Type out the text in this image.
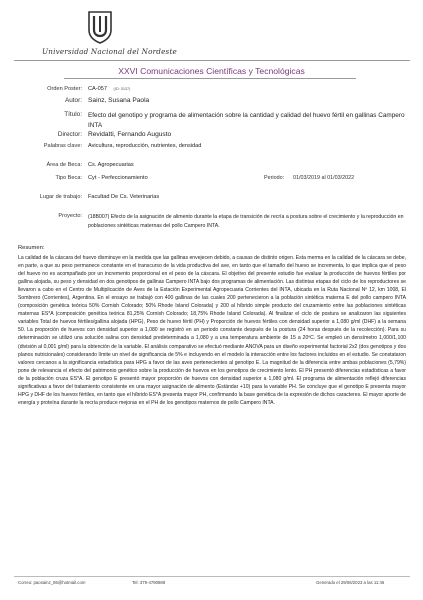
Universidad Nacional del Nordeste
XXVI Comunicaciones Científicas y Tecnológicas
Orden Poster: CA-057 (ID: 3137)
Autor: Sainz, Susana Paola
Título: Efecto del genotipo y programa de alimentación sobre la cantidad y calidad del huevo fértil en gallinas Campero INTA
Director: Revidatti, Fernando Augusto
Palabras clave: Avicultura, reproducción, nutrientes, densidad
Área de Beca: Cs. Agropecuarias
Tipo Beca: Cyt - Perfeccionamiento	Periodo: 01/03/2019 al 01/03/2022
Lugar de trabajo: Facultad De Cs. Veterinarias
Proyecto: (18B007) Efecto de la asignación de alimento durante la etapa de transición de recría a postura sobre el crecimiento y la reproducción en poblaciones sintéticas maternas del pollo Campero INTA.
Resumen:
La calidad de la cáscara del huevo disminuye en la medida que las gallinas envejecen debido, a causas de distinto origen. Esta merma en la calidad de la cáscara se debe, en parte, a que su peso permanece constante en el transcurso de la vida productiva del ave, en tanto que el tamaño del huevo se incrementa, lo que implica que el peso del huevo no es acompañado por un incremento proporcional en el peso de la cáscara. El objetivo del presente estudio fue evaluar la producción de huevos fértiles por gallina alojada, su peso y densidad en dos genotipos de gallinas Campero INTA bajo dos programas de alimentación. Las distintas etapas del ciclo de los reproductores se llevaron a cabo en el Centro de Multiplicación de Aves de la Estación Experimental Agropecuaria Corrientes del INTA, ubicada en la Ruta Nacional Nº 12, km 1008, El Sombrero (Corrientes), Argentina. En el ensayo se trabajó con 400 gallinas de las cuales 200 pertenecieron a la población sintética materna E del pollo campero INTA (composición genética teórica 50% Cornish Colorado; 50% Rhode Island Colorada) y 200 al híbrido simple producto del cruzamiento entre las poblaciones sintéticas maternas ES*A (composición genética teórica 81,25% Cornish Colorado; 18,75% Rhode Island Colorada). Al finalizar el ciclo de postura se analizaron las siguientes variables Total de huevos fértiles/gallina alojada (HPG), Peso de huevo fértil (PH) y Proporción de huevos fértiles con densidad superior a 1,080 g/ml (DHF) a la semana 50. La proporción de huevos con densidad superior a 1,080 se registró en un periodo constante después de la postura (24 horas después de la recolección). Para su determinación se utilizó una solución salina con densidad predeterminada a 1,080 y a una temperatura ambiente de 15 a 20ºC. Se empleó un densímetro 1,000/1,100 (división al 0,001 g/ml) para la obtención de la variable. El análisis comparativo se efectuó mediante ANOVA para un diseño experimental factorial 2x2 (dos genotipos y dos planos nutricionales) considerando límite un nivel de significancia de 5% e incluyendo en el modelo la interacción entre los factores incluidos en el estudio. Se constataron valores cercanos a la significancia estadística para HPG a favor de las aves pertenecientes al genotipo E. La magnitud de la diferencia entre ambas poblaciones (5,79%) pone de relevancia el efecto del patrimonio genético sobre la producción de huevos en los genotipos de crecimiento lento. El PH presentó diferencias estadísticas a favor de la población cruza ES*A. El genotipo E presentó mayor proporción de huevos con densidad superior a 1,080 g/ml. El programa de alimentación reflejó diferencias significativas a favor del tratamiento consistente en una mayor asignación de alimento (Estándar +10) para la variable PH. Se concluye que el genotipo E presenta mayor HPG y DHF de los huevos fértiles, en tanto que el híbrido ES*A presenta mayor PH, confirmando la base genética de la expresión de dichos caracteres. El mayor aporte de energía y proteína durante la recría produce mejoras en el PH de los genotipos maternos de pollo Campero INTA.
Correo: paosainz_86@hotmail.com	Tel: 379-4790888	Generado el 29/06/2023 a las 11:46
